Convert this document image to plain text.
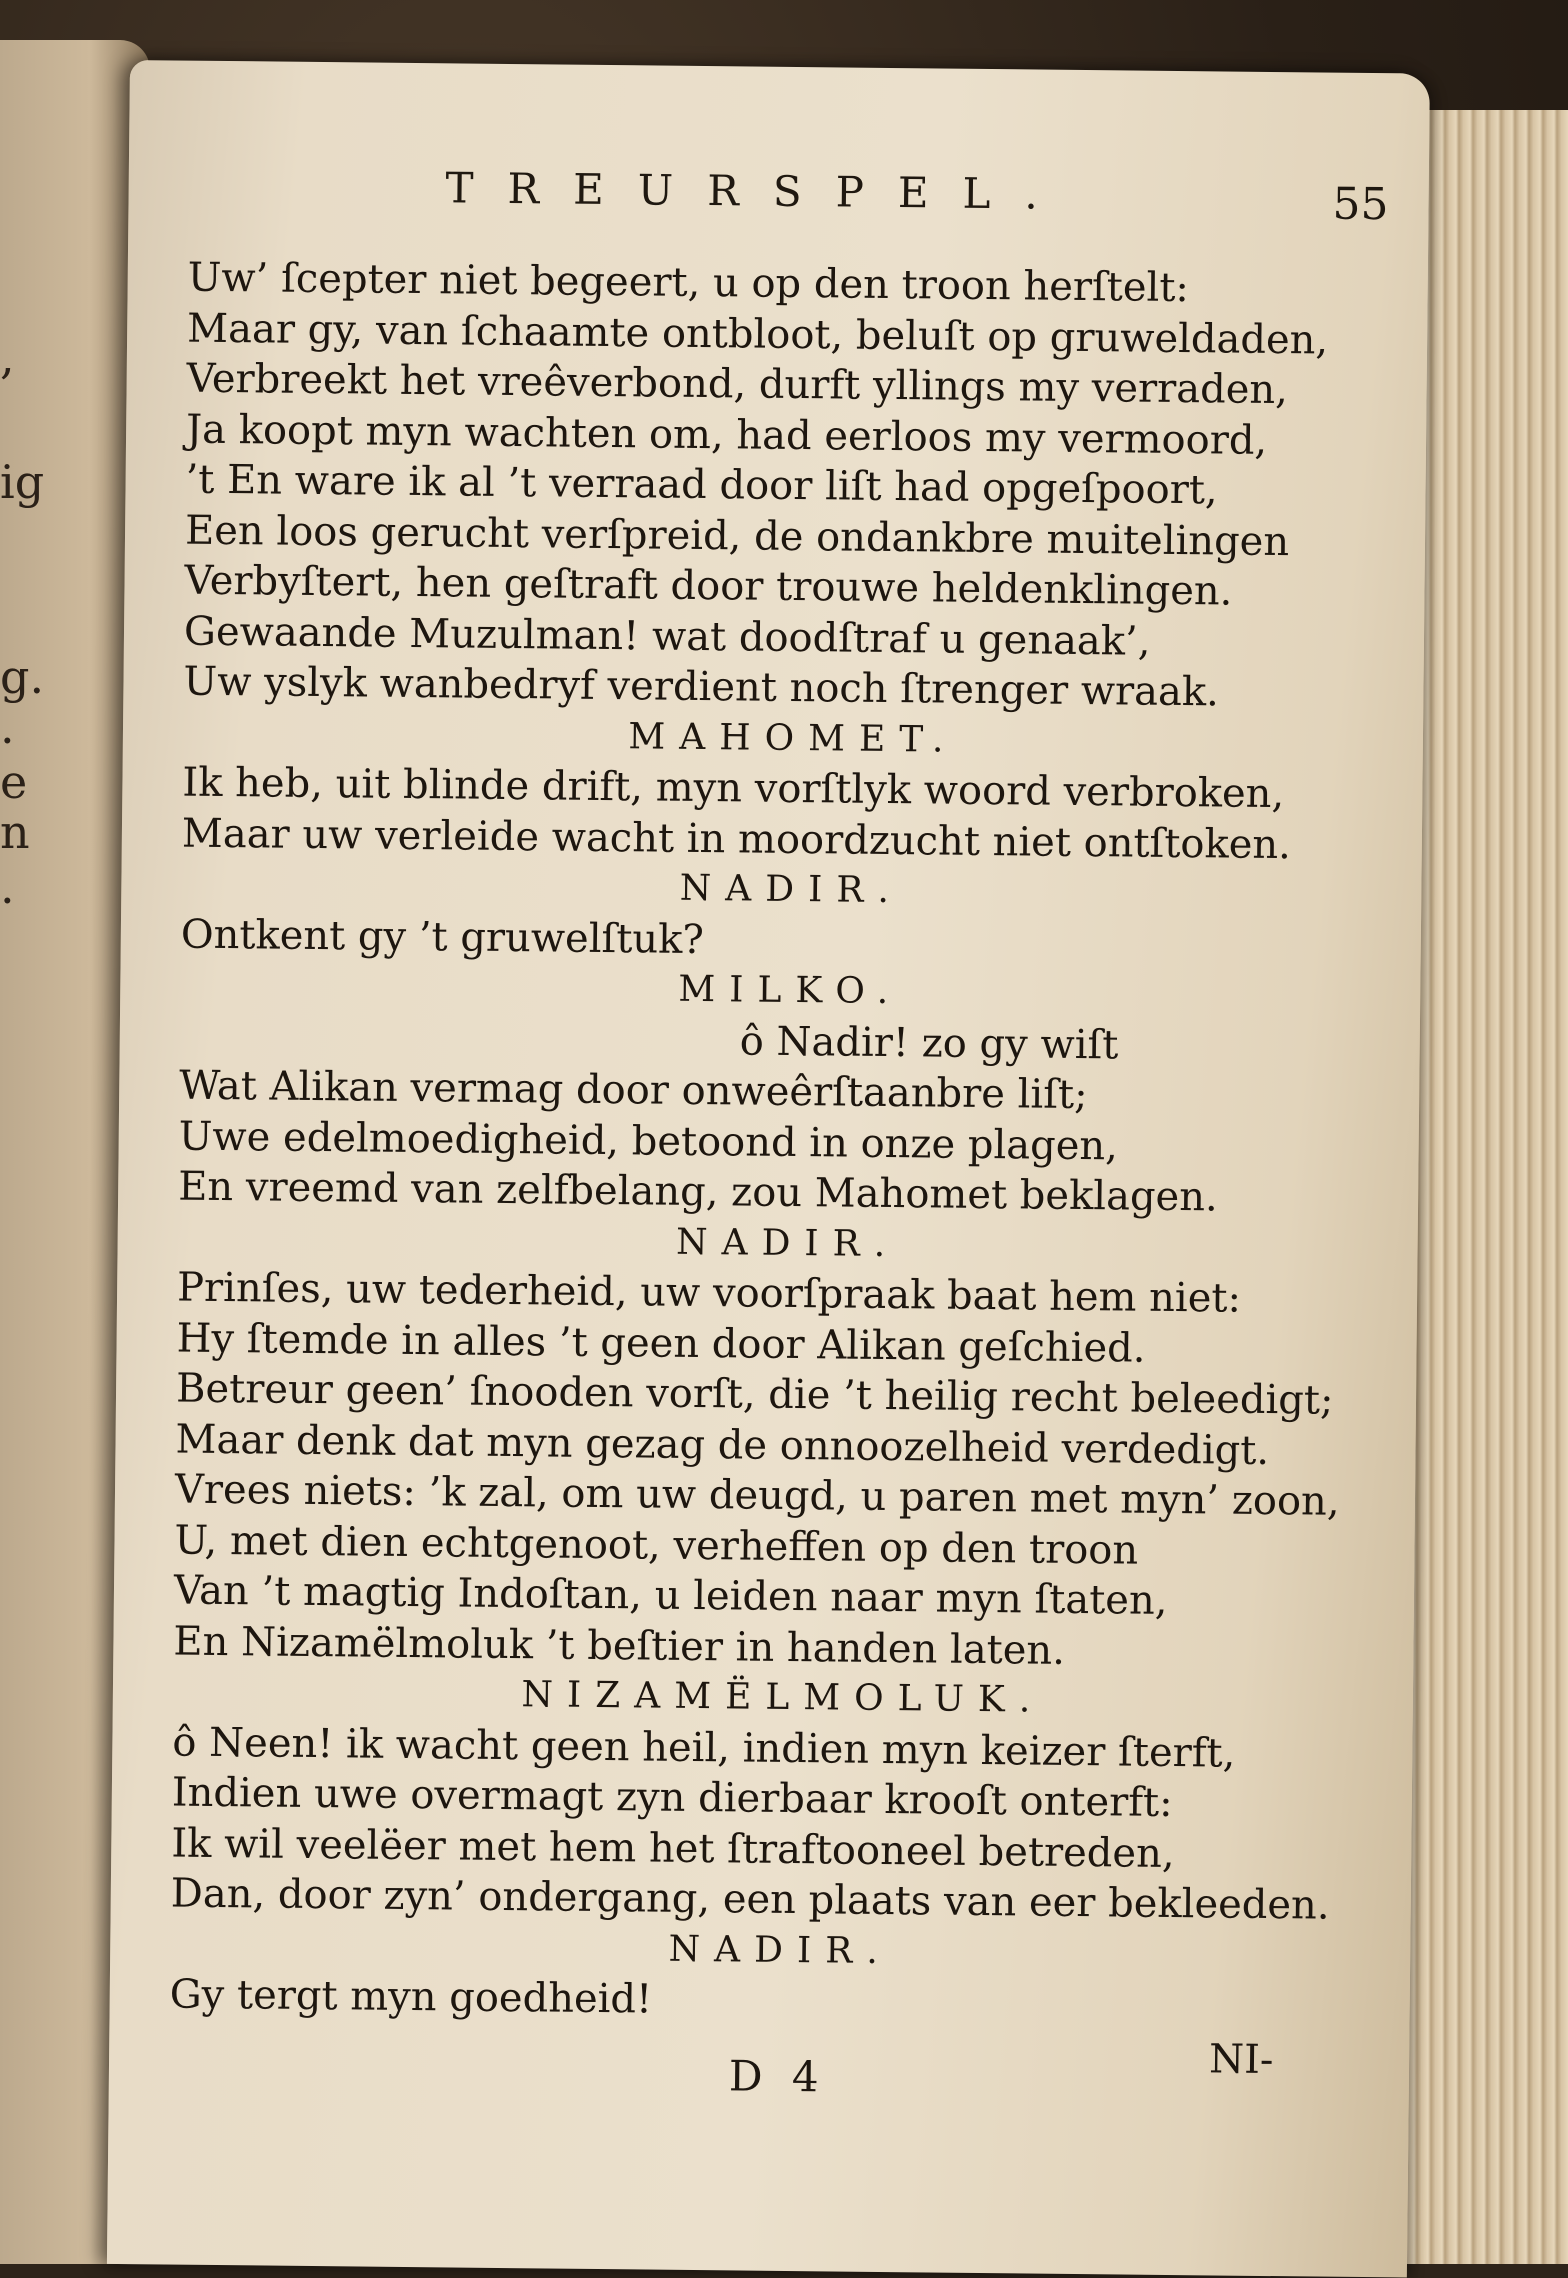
,
ig
g.
.
e
n
.
TREURSPEL.	55
Uw’ ſcepter niet begeert, u op den troon herſtelt:
Maar gy, van ſchaamte ontbloot, beluſt op gruweldaden,
Verbreekt het vreêverbond, durft yllings my verraden,
Ja koopt myn wachten om, had eerloos my vermoord,
’t En ware ik al ’t verraad door liſt had opgeſpoort,
Een loos gerucht verſpreid, de ondankbre muitelingen
Verbyſtert, hen geſtraft door trouwe heldenklingen.
Gewaande Muzulman! wat doodſtraf u genaak’,
Uw yslyk wanbedryf verdient noch ſtrenger wraak.
MAHOMET.
Ik heb, uit blinde drift, myn vorſtlyk woord verbroken,
Maar uw verleide wacht in moordzucht niet ontſtoken.
NADIR.
Ontkent gy ’t gruwelſtuk?
MILKO.
ô Nadir! zo gy wiſt
Wat Alikan vermag door onweêrſtaanbre liſt;
Uwe edelmoedigheid, betoond in onze plagen,
En vreemd van zelfbelang, zou Mahomet beklagen.
NADIR.
Prinſes, uw tederheid, uw voorſpraak baat hem niet:
Hy ſtemde in alles ’t geen door Alikan geſchied.
Betreur geen’ ſnooden vorſt, die ’t heilig recht beleedigt;
Maar denk dat myn gezag de onnoozelheid verdedigt.
Vrees niets: ’k zal, om uw deugd, u paren met myn’ zoon,
U, met dien echtgenoot, verheffen op den troon
Van ’t magtig Indoſtan, u leiden naar myn ſtaten,
En Nizamëlmoluk ’t beſtier in handen laten.
NIZAMËLMOLUK.
ô Neen! ik wacht geen heil, indien myn keizer ſterft,
Indien uwe overmagt zyn dierbaar krooſt onterft:
Ik wil veelëer met hem het ſtraftooneel betreden,
Dan, door zyn’ ondergang, een plaats van eer bekleeden.
NADIR.
Gy tergt myn goedheid!
D 4	NI-
